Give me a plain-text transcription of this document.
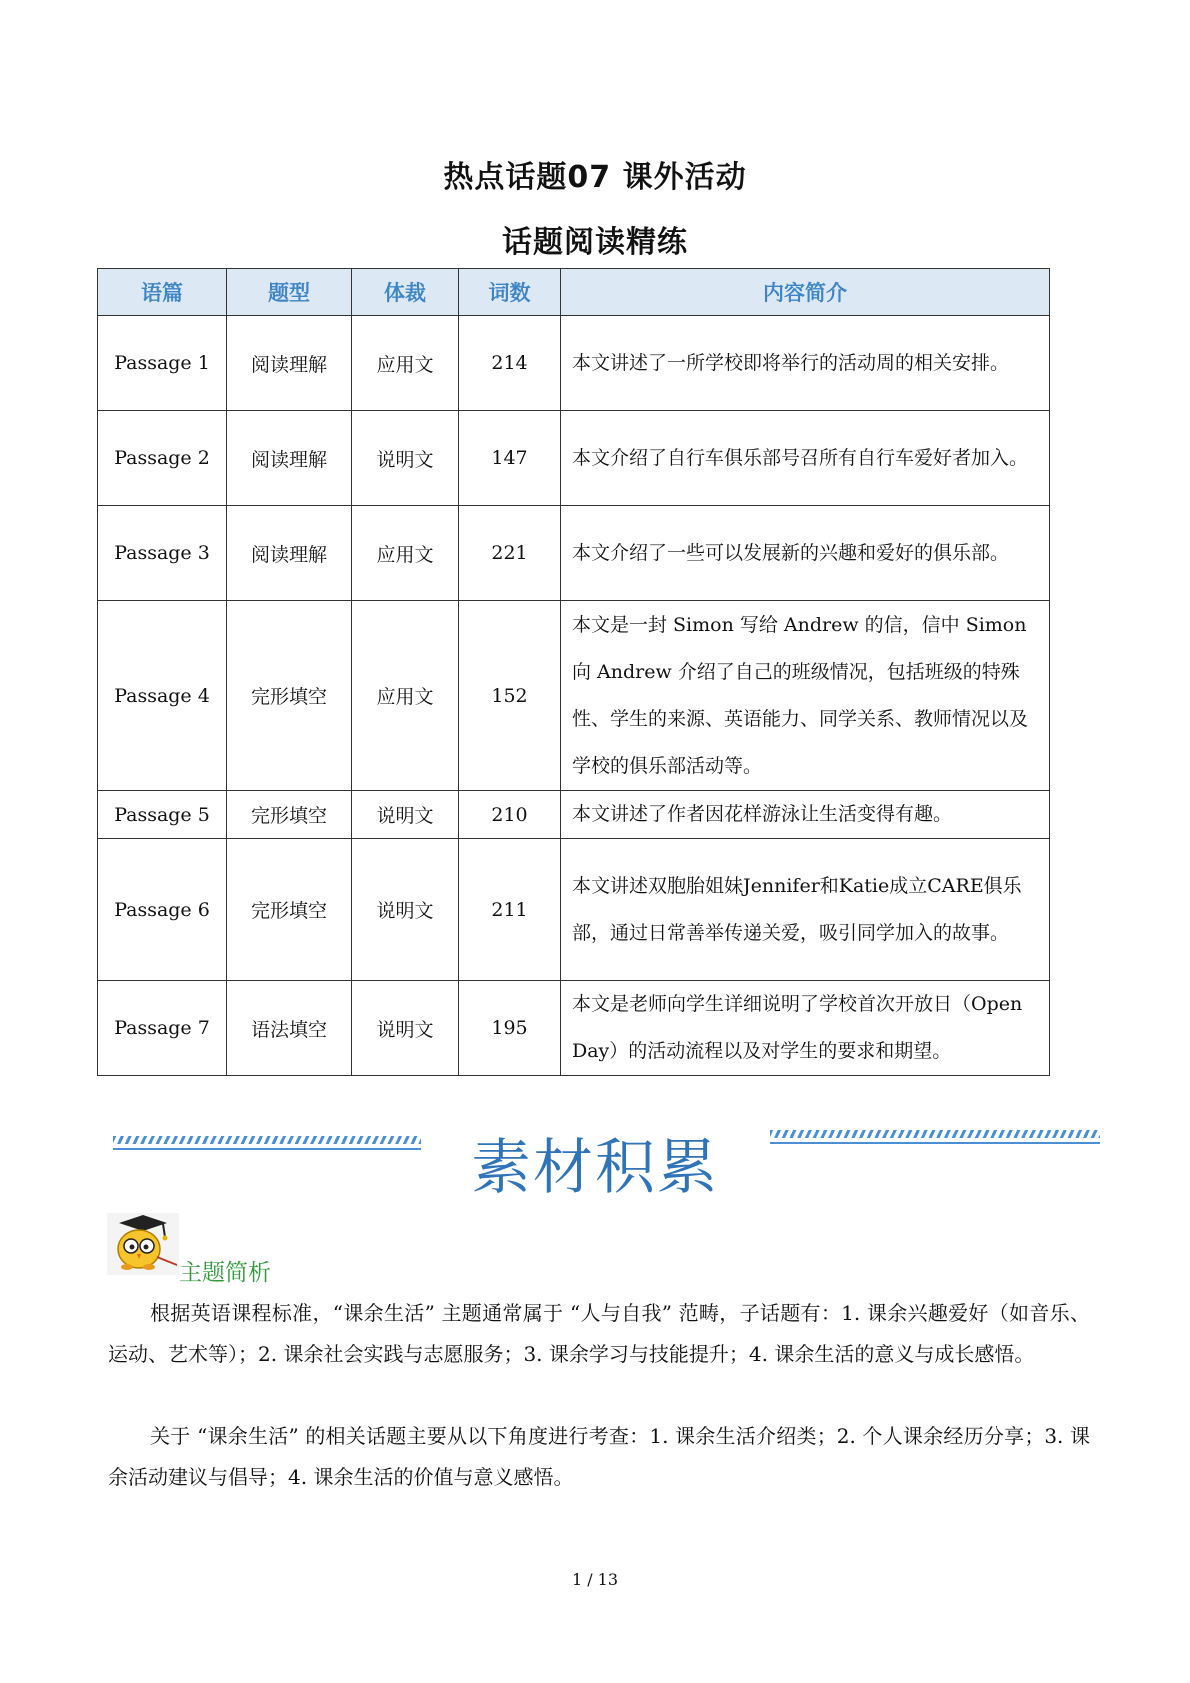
热点话题07 课外活动
话题阅读精练
语篇	题型	体裁	词数	内容简介
Passage 1	阅读理解	应用文	214	本文讲述了一所学校即将举行的活动周的相关安排。
Passage 2	阅读理解	说明文	147	本文介绍了自行车俱乐部号召所有自行车爱好者加入。
Passage 3	阅读理解	应用文	221	本文介绍了一些可以发展新的兴趣和爱好的俱乐部。
Passage 4	完形填空	应用文	152	本文是一封 Simon 写给 Andrew 的信，信中 Simon 向 Andrew 介绍了自己的班级情况，包括班级的特殊性、学生的来源、英语能力、同学关系、教师情况以及学校的俱乐部活动等。
Passage 5	完形填空	说明文	210	本文讲述了作者因花样游泳让生活变得有趣。
Passage 6	完形填空	说明文	211	本文讲述双胞胎姐妹Jennifer和Katie成立CARE俱乐部，通过日常善举传递关爱，吸引同学加入的故事。
Passage 7	语法填空	说明文	195	本文是老师向学生详细说明了学校首次开放日（Open Day）的活动流程以及对学生的要求和期望。
素材积累
主题简析

根据英语课程标准，“课余生活” 主题通常属于 “人与自我” 范畴，子话题有：1. 课余兴趣爱好（如音乐、运动、艺术等）；2. 课余社会实践与志愿服务；3. 课余学习与技能提升；4. 课余生活的意义与成长感悟。

关于 “课余生活” 的相关话题主要从以下角度进行考查：1. 课余生活介绍类；2. 个人课余经历分享；3. 课余活动建议与倡导；4. 课余生活的价值与意义感悟。

1 / 13
